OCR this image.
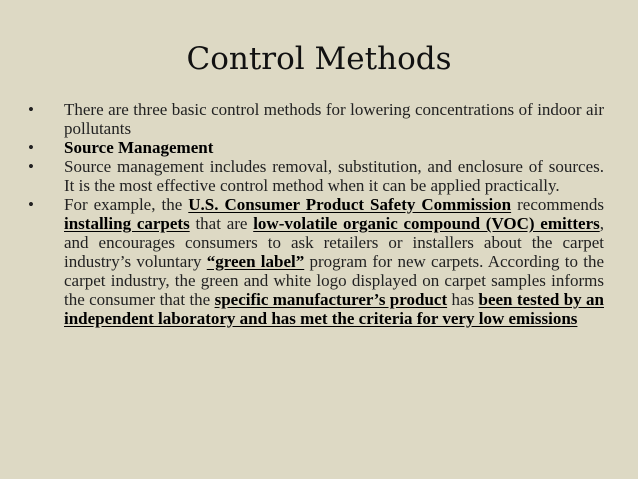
Control Methods
• There are three basic control methods for lowering concentrations of indoor air pollutants
• Source Management
• Source management includes removal, substitution, and enclosure of sources. It is the most effective control method when it can be applied practically.
• For example, the U.S. Consumer Product Safety Commission recommends installing carpets that are low-volatile organic compound (VOC) emitters, and encourages consumers to ask retailers or installers about the carpet industry’s voluntary “green label” program for new carpets. According to the carpet industry, the green and white logo displayed on carpet samples informs the consumer that the specific manufacturer’s product has been tested by an independent laboratory and has met the criteria for very low emissions
